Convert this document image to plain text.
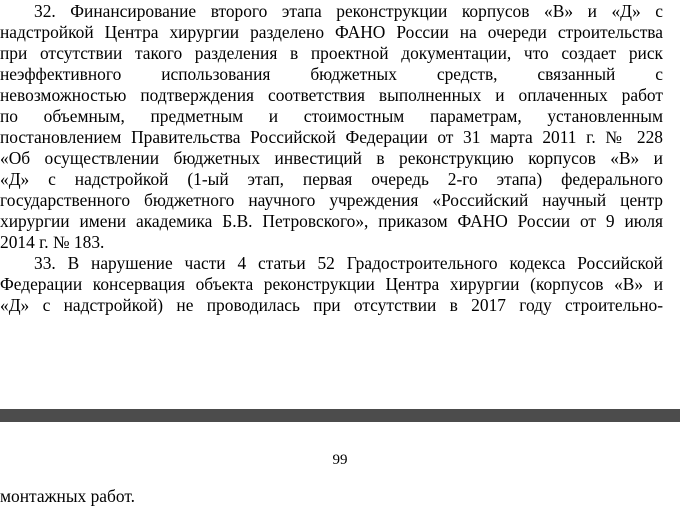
32. Финансирование второго этапа реконструкции корпусов «В» и «Д» с
надстройкой Центра хирургии разделено ФАНО России на очереди строительства
при отсутствии такого разделения в проектной документации, что создает риск
неэффективного использования бюджетных средств, связанный с
невозможностью подтверждения соответствия выполненных и оплаченных работ
по объемным, предметным и стоимостным параметрам, установленным
постановлением Правительства Российской Федерации от 31 марта 2011 г. № 228
«Об осуществлении бюджетных инвестиций в реконструкцию корпусов «В» и
«Д» с надстройкой (1-ый этап, первая очередь 2-го этапа) федерального
государственного бюджетного научного учреждения «Российский научный центр
хирургии имени академика Б.В. Петровского», приказом ФАНО России от 9 июля
2014 г. № 183.
33. В нарушение части 4 статьи 52 Градостроительного кодекса Российской
Федерации консервация объекта реконструкции Центра хирургии (корпусов «В» и
«Д» с надстройкой) не проводилась при отсутствии в 2017 году строительно-
99
монтажных работ.
